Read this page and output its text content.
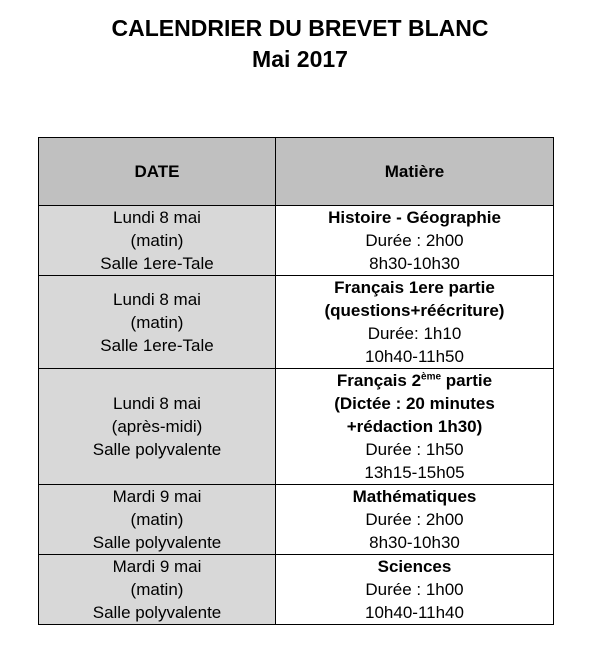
CALENDRIER DU BREVET BLANC
Mai 2017
DATE	Matière

Lundi 8 mai
(matin)
Salle 1ere-Tale	Histoire - Géographie
Durée : 2h00
8h30-10h30

Lundi 8 mai
(matin)
Salle 1ere-Tale	Français 1ere partie
(questions+réécriture)
Durée: 1h10
10h40-11h50

Lundi 8 mai
(après-midi)
Salle polyvalente	Français 2ème partie
(Dictée : 20 minutes
+rédaction 1h30)
Durée : 1h50
13h15-15h05

Mardi 9 mai
(matin)
Salle polyvalente	Mathématiques
Durée : 2h00
8h30-10h30

Mardi 9 mai
(matin)
Salle polyvalente	Sciences
Durée : 1h00
10h40-11h40
